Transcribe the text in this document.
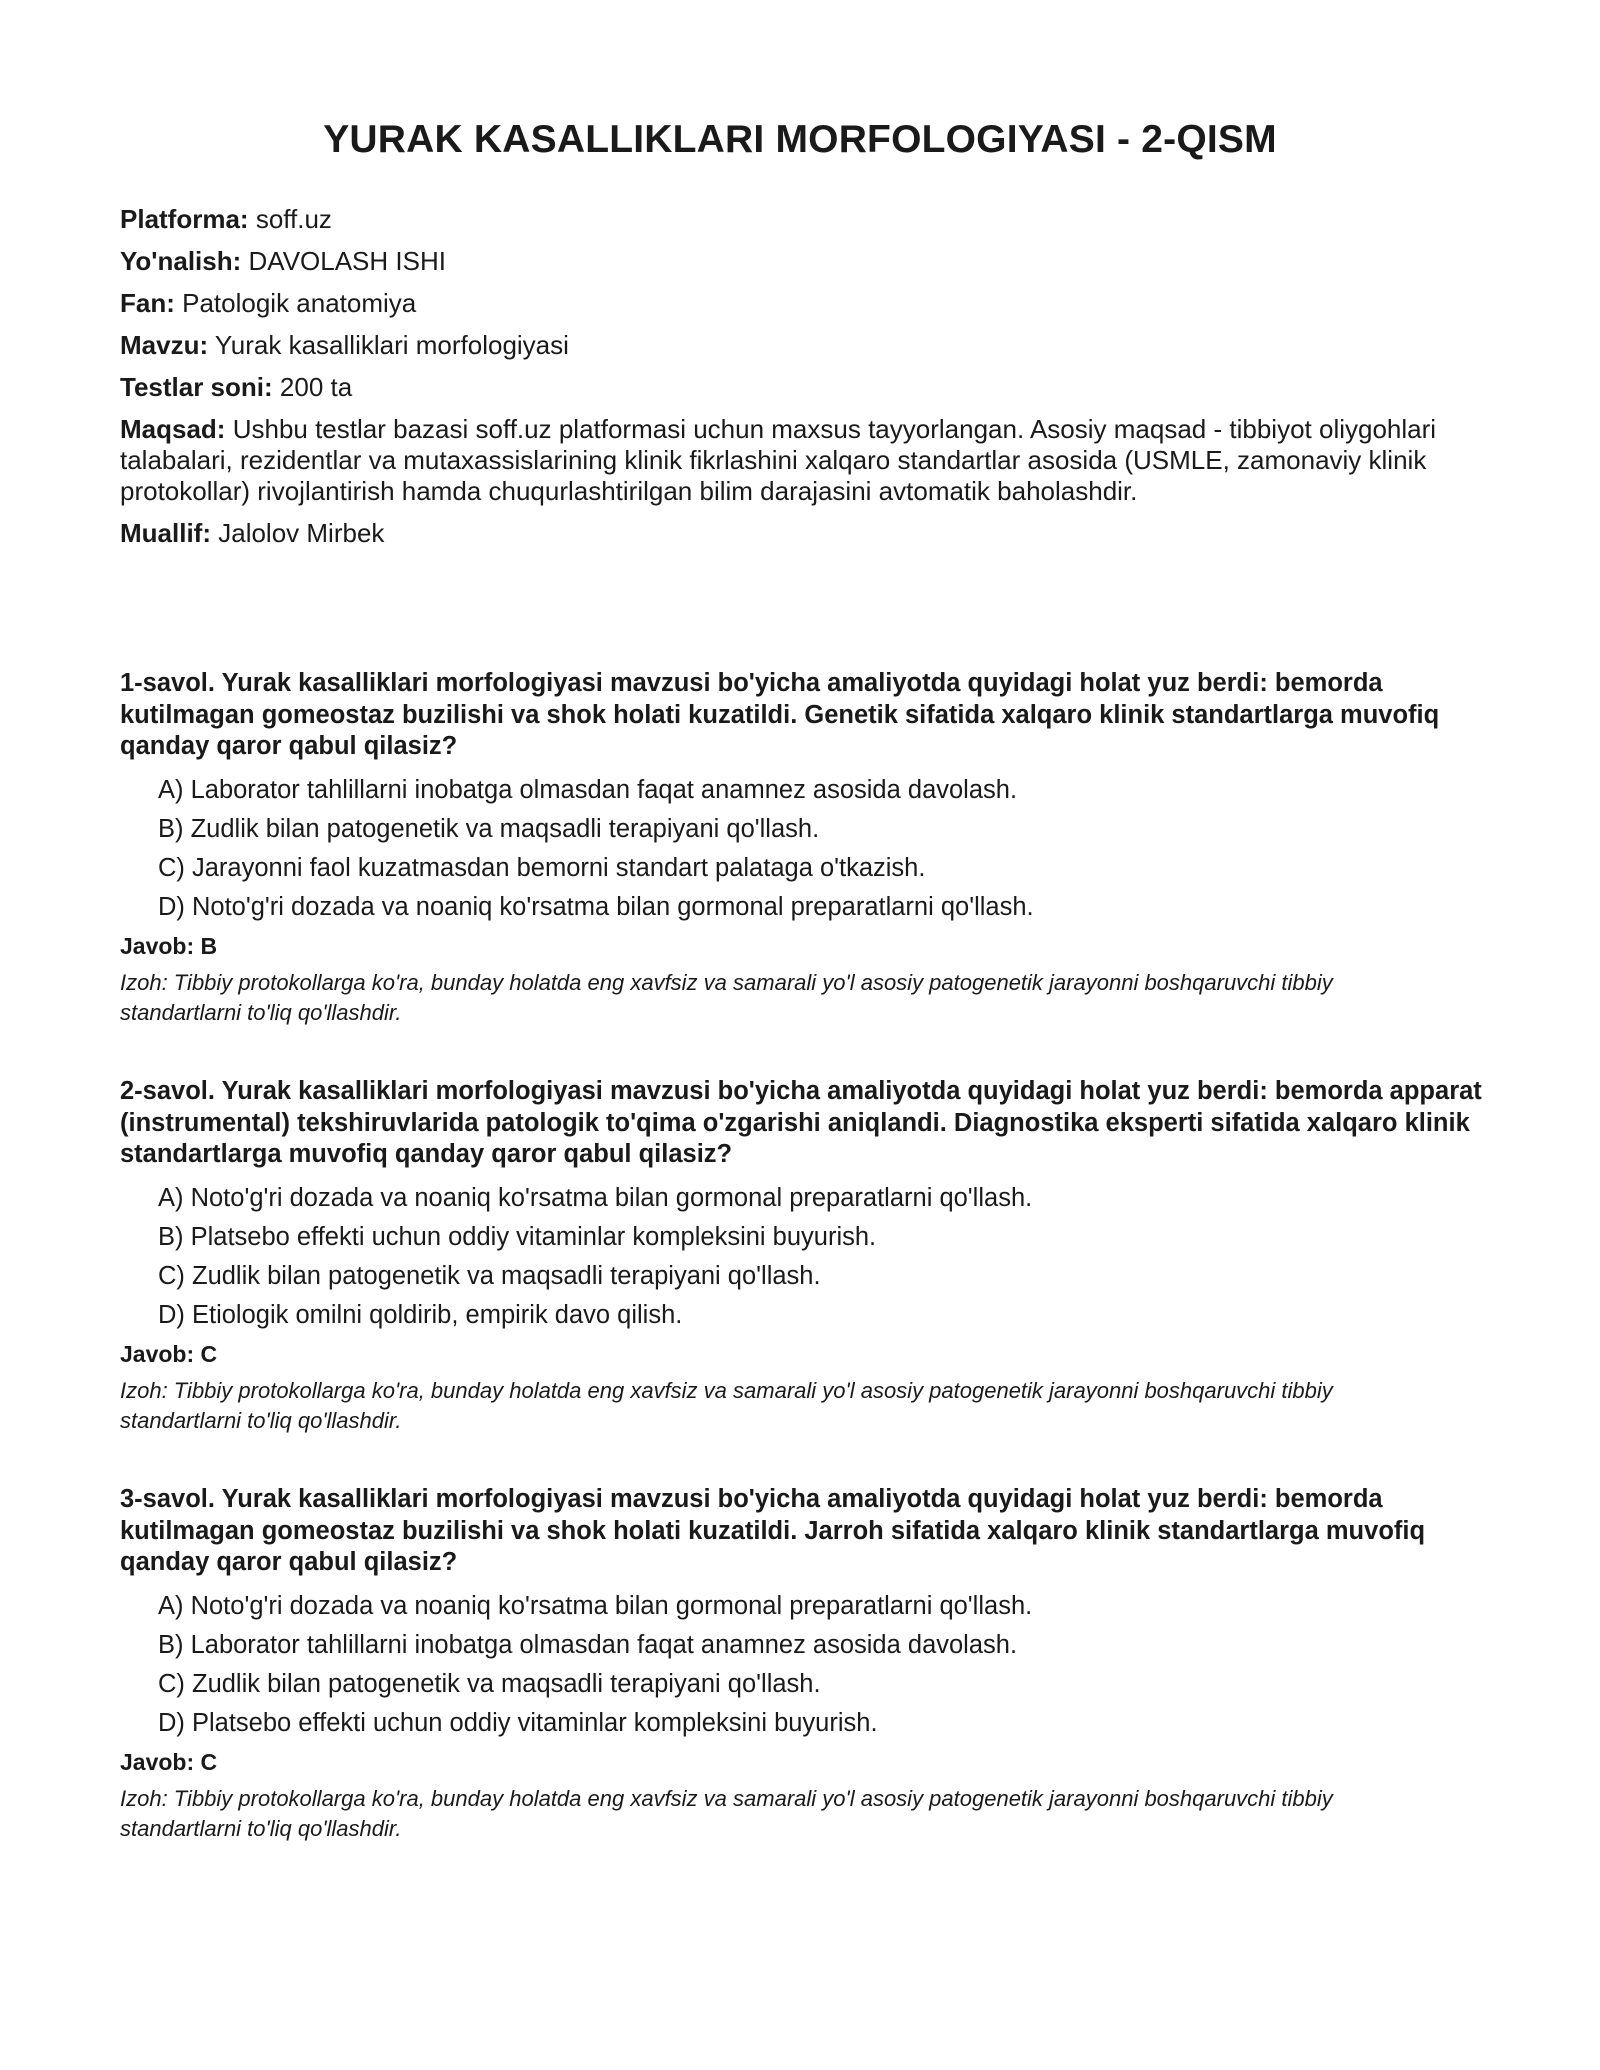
YURAK KASALLIKLARI MORFOLOGIYASI - 2-QISM
Platforma: soff.uz
Yo'nalish: DAVOLASH ISHI
Fan: Patologik anatomiya
Mavzu: Yurak kasalliklari morfologiyasi
Testlar soni: 200 ta
Maqsad: Ushbu testlar bazasi soff.uz platformasi uchun maxsus tayyorlangan. Asosiy maqsad - tibbiyot oliygohlari talabalari, rezidentlar va mutaxassislarining klinik fikrlashini xalqaro standartlar asosida (USMLE, zamonaviy klinik protokollar) rivojlantirish hamda chuqurlashtirilgan bilim darajasini avtomatik baholashdir.
Muallif: Jalolov Mirbek

1-savol. Yurak kasalliklari morfologiyasi mavzusi bo'yicha amaliyotda quyidagi holat yuz berdi: bemorda kutilmagan gomeostaz buzilishi va shok holati kuzatildi. Genetik sifatida xalqaro klinik standartlarga muvofiq qanday qaror qabul qilasiz?

A) Laborator tahlillarni inobatga olmasdan faqat anamnez asosida davolash.
B) Zudlik bilan patogenetik va maqsadli terapiyani qo'llash.
C) Jarayonni faol kuzatmasdan bemorni standart palataga o'tkazish.
D) Noto'g'ri dozada va noaniq ko'rsatma bilan gormonal preparatlarni qo'llash.
Javob: B
Izoh: Tibbiy protokollarga ko'ra, bunday holatda eng xavfsiz va samarali yo'l asosiy patogenetik jarayonni boshqaruvchi tibbiy standartlarni to'liq qo'llashdir.

2-savol. Yurak kasalliklari morfologiyasi mavzusi bo'yicha amaliyotda quyidagi holat yuz berdi: bemorda apparat (instrumental) tekshiruvlarida patologik to'qima o'zgarishi aniqlandi. Diagnostika eksperti sifatida xalqaro klinik standartlarga muvofiq qanday qaror qabul qilasiz?

A) Noto'g'ri dozada va noaniq ko'rsatma bilan gormonal preparatlarni qo'llash.
B) Platsebo effekti uchun oddiy vitaminlar kompleksini buyurish.
C) Zudlik bilan patogenetik va maqsadli terapiyani qo'llash.
D) Etiologik omilni qoldirib, empirik davo qilish.
Javob: C
Izoh: Tibbiy protokollarga ko'ra, bunday holatda eng xavfsiz va samarali yo'l asosiy patogenetik jarayonni boshqaruvchi tibbiy standartlarni to'liq qo'llashdir.

3-savol. Yurak kasalliklari morfologiyasi mavzusi bo'yicha amaliyotda quyidagi holat yuz berdi: bemorda kutilmagan gomeostaz buzilishi va shok holati kuzatildi. Jarroh sifatida xalqaro klinik standartlarga muvofiq qanday qaror qabul qilasiz?

A) Noto'g'ri dozada va noaniq ko'rsatma bilan gormonal preparatlarni qo'llash.
B) Laborator tahlillarni inobatga olmasdan faqat anamnez asosida davolash.
C) Zudlik bilan patogenetik va maqsadli terapiyani qo'llash.
D) Platsebo effekti uchun oddiy vitaminlar kompleksini buyurish.
Javob: C
Izoh: Tibbiy protokollarga ko'ra, bunday holatda eng xavfsiz va samarali yo'l asosiy patogenetik jarayonni boshqaruvchi tibbiy standartlarni to'liq qo'llashdir.
